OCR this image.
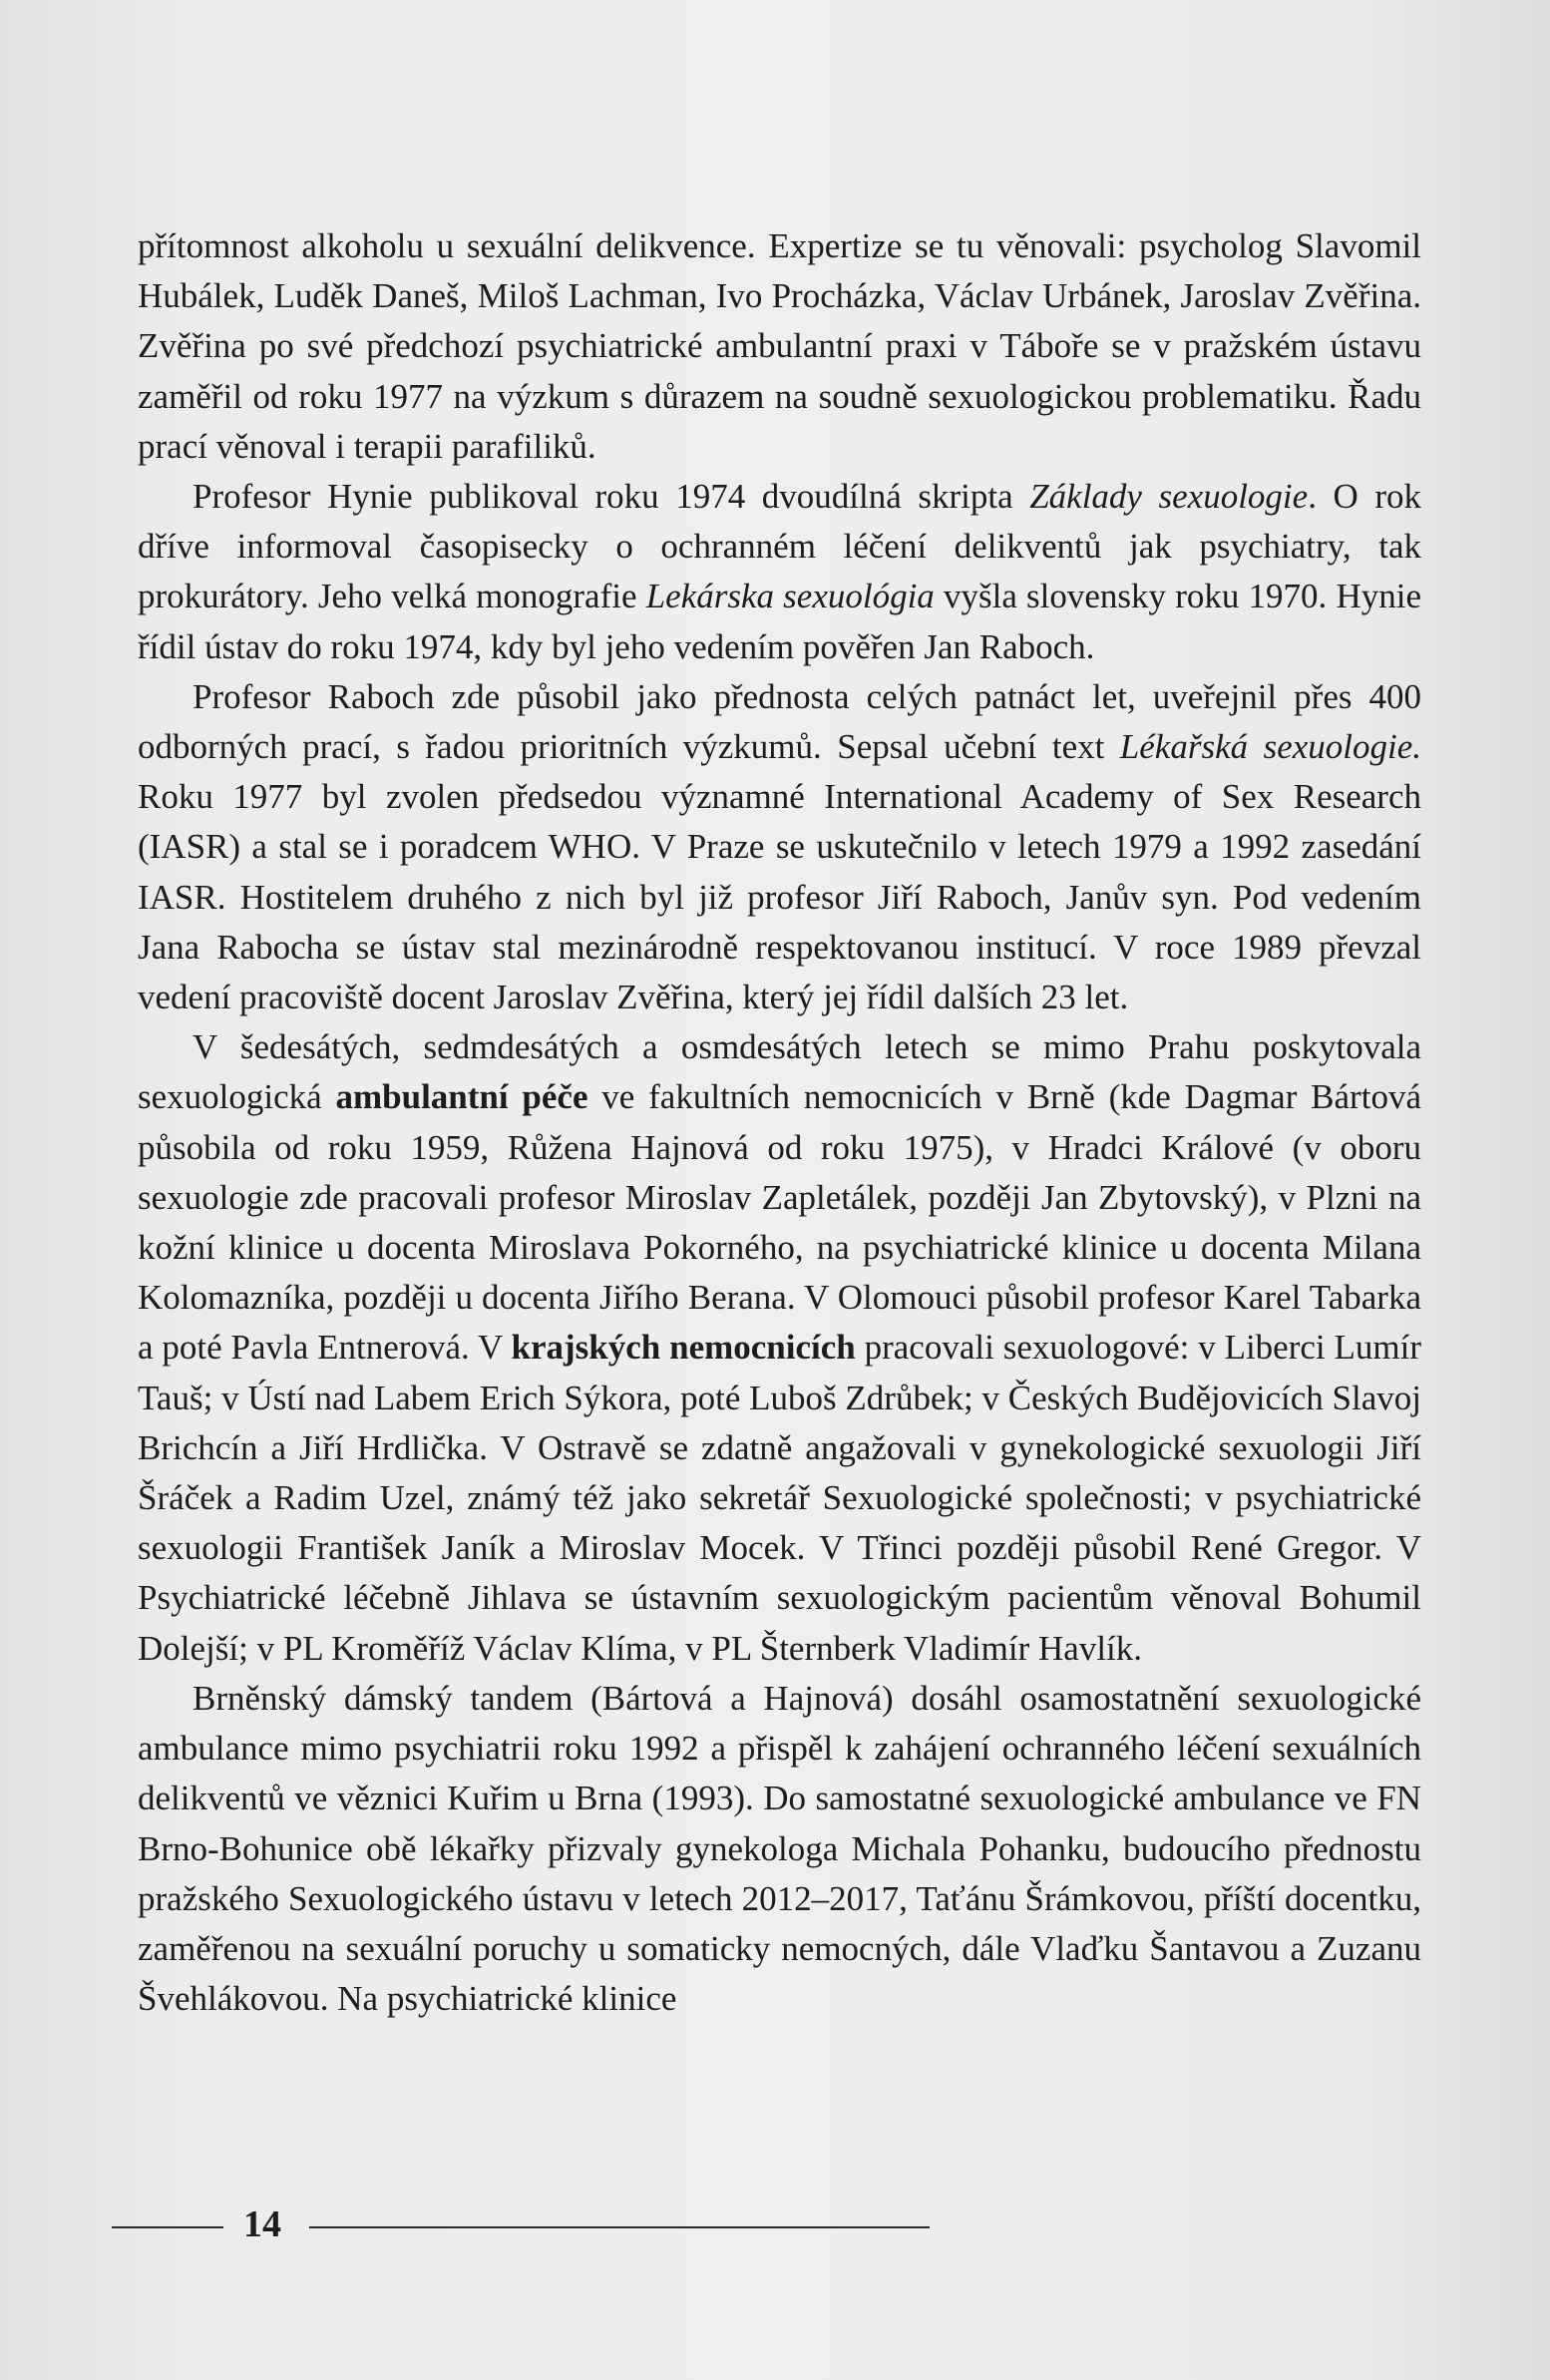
přítomnost alkoholu u sexuální delikvence. Expertize se tu věnovali: psycholog Slavomil Hubálek, Luděk Daneš, Miloš Lachman, Ivo Procházka, Václav Urbánek, Jaroslav Zvěřina. Zvěřina po své předchozí psychiatrické ambulantní praxi v Táboře se v pražském ústavu zaměřil od roku 1977 na výzkum s důrazem na soudně sexuologickou problematiku. Řadu prací věnoval i terapii parafiliků.

Profesor Hynie publikoval roku 1974 dvoudílná skripta Základy sexuologie. O rok dříve informoval časopisecky o ochranném léčení delikventů jak psychiatry, tak prokurátory. Jeho velká monografie Lekárska sexuológia vyšla slovensky roku 1970. Hynie řídil ústav do roku 1974, kdy byl jeho vedením pověřen Jan Raboch.

Profesor Raboch zde působil jako přednosta celých patnáct let, uveřejnil přes 400 odborných prací, s řadou prioritních výzkumů. Sepsal učební text Lékařská sexuologie. Roku 1977 byl zvolen předsedou významné International Academy of Sex Research (IASR) a stal se i poradcem WHO. V Praze se uskutečnilo v letech 1979 a 1992 zasedání IASR. Hostitelem druhého z nich byl již profesor Jiří Raboch, Janův syn. Pod vedením Jana Rabocha se ústav stal mezinárodně respektovanou institucí. V roce 1989 převzal vedení pracoviště docent Jaroslav Zvěřina, který jej řídil dalších 23 let.

V šedesátých, sedmdesátých a osmdesátých letech se mimo Prahu poskytovala sexuologická ambulantní péče ve fakultních nemocnicích v Brně (kde Dagmar Bártová působila od roku 1959, Růžena Hajnová od roku 1975), v Hradci Králové (v oboru sexuologie zde pracovali profesor Miroslav Zapletálek, později Jan Zbytovský), v Plzni na kožní klinice u docenta Miroslava Pokorného, na psychiatrické klinice u docenta Milana Kolomazníka, později u docenta Jiřího Berana. V Olomouci působil profesor Karel Tabarka a poté Pavla Entnerová. V krajských nemocnicích pracovali sexuologové: v Liberci Lumír Tauš; v Ústí nad Labem Erich Sýkora, poté Luboš Zdrůbek; v Českých Budějovicích Slavoj Brichcín a Jiří Hrdlička. V Ostravě se zdatně angažovali v gynekologické sexuologii Jiří Šráček a Radim Uzel, známý též jako sekretář Sexuologické společnosti; v psychiatrické sexuologii František Janík a Miroslav Mocek. V Třinci později působil René Gregor. V Psychiatrické léčebně Jihlava se ústavním sexuologickým pacientům věnoval Bohumil Dolejší; v PL Kroměříž Václav Klíma, v PL Šternberk Vladimír Havlík.

Brněnský dámský tandem (Bártová a Hajnová) dosáhl osamostatnění sexuologické ambulance mimo psychiatrii roku 1992 a přispěl k zahájení ochranného léčení sexuálních delikventů ve věznici Kuřim u Brna (1993). Do samostatné sexuologické ambulance ve FN Brno-Bohunice obě lékařky přizvaly gynekologa Michala Pohanku, budoucího přednostu pražského Sexuologického ústavu v letech 2012–2017, Taťánu Šrámkovou, příští docentku, zaměřenou na sexuální poruchy u somaticky nemocných, dále Vlaďku Šantavou a Zuzanu Švehlákovou. Na psychiatrické klinice

14
